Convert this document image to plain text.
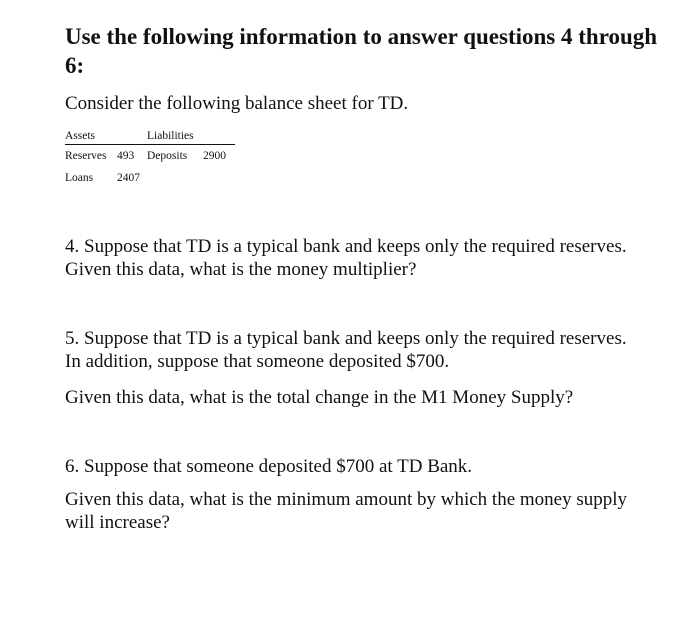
Use the following information to answer questions 4 through 6:

Consider the following balance sheet for TD.

Assets	Liabilities
Reserves 493 Deposits 2900
Loans 2407

4. Suppose that TD is a typical bank and keeps only the required reserves. Given this data, what is the money multiplier?

5. Suppose that TD is a typical bank and keeps only the required reserves. In addition, suppose that someone deposited $700.

Given this data, what is the total change in the M1 Money Supply?

6. Suppose that someone deposited $700 at TD Bank.

Given this data, what is the minimum amount by which the money supply will increase?
